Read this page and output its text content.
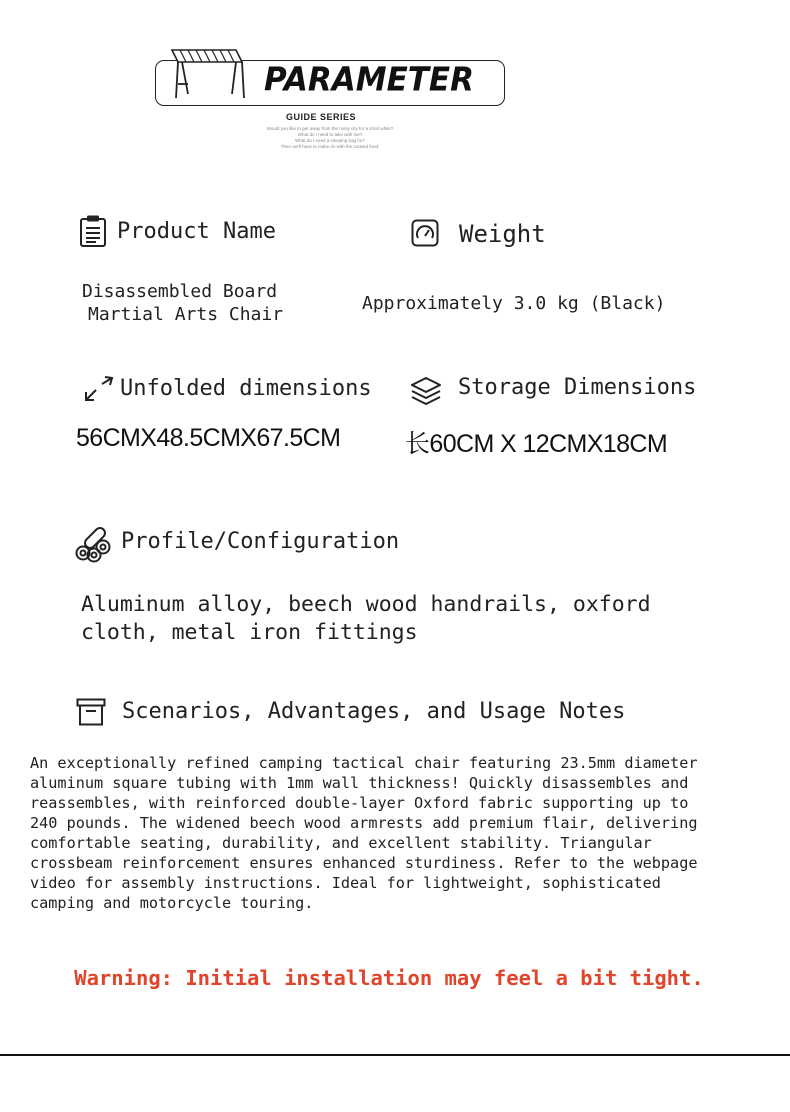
PARAMETER
GUIDE SERIES
Would you like to get away from the noisy city for a short while?
What do I need to take with me?
What do I need a sleeping bag for?
Then we'll have to make do with the cooked food.
Product Name
Disassembled Board
Martial Arts Chair
Weight
Approximately 3.0 kg (Black)
Unfolded dimensions
56CMX48.5CMX67.5CM
Storage Dimensions
长60CM X 12CMX18CM
Profile/Configuration
Aluminum alloy, beech wood handrails, oxford
cloth, metal iron fittings
Scenarios, Advantages, and Usage Notes
An exceptionally refined camping tactical chair featuring 23.5mm diameter
aluminum square tubing with 1mm wall thickness! Quickly disassembles and
reassembles, with reinforced double-layer Oxford fabric supporting up to
240 pounds. The widened beech wood armrests add premium flair, delivering
comfortable seating, durability, and excellent stability. Triangular
crossbeam reinforcement ensures enhanced sturdiness. Refer to the webpage
video for assembly instructions. Ideal for lightweight, sophisticated
camping and motorcycle touring.
Warning: Initial installation may feel a bit tight.
